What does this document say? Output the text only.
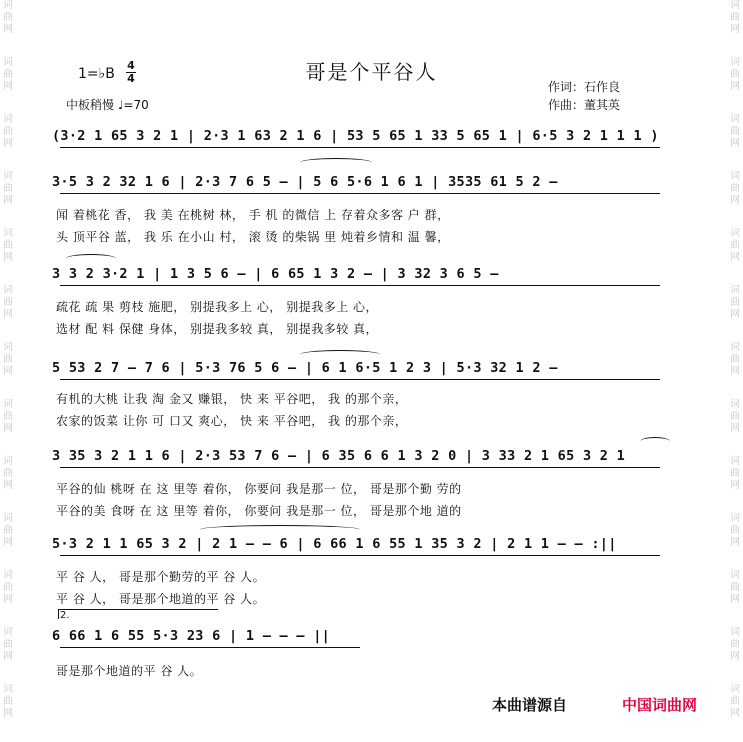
词
曲
网
词
曲
网
词
曲
网
词
曲
网
词
曲
网
词
曲
网
词
曲
网
词
曲
网
词
曲
网
词
曲
网
词
曲
网
词
曲
网
词
曲
网
词
曲
网
词
曲
网
词
曲
网
词
曲
网
词
曲
网
词
曲
网
词
曲
网
词
曲
网
词
曲
网
词
曲
网
词
曲
网
词
曲
网
词
曲
网
哥是个平谷人
1=♭B
4
4
中板稍慢 ♩=70
作词：石作良
作曲：董其英
(3·2 1 65 3 2 1 | 2·3 1 63 2 1 6 | 53 5 65 1 33 5 65 1 | 6·5 3 2 1 1 1 )
3·5 3 2 32 1 6 | 2·3 7 6 5 – | 5 6 5·6 1 6 1 | 3535 61 5 2 –
闻 着桃花 香， 我 美 在桃树 林， 手 机 的微信 上 存着众多客 户 群，
头 顶平谷 蓝， 我 乐 在小山 村， 滚 烫 的柴锅 里 炖着乡情和 温 馨，
3 3 2 3·2 1 | 1 3 5 6 – | 6 65 1 3 2 – | 3 32 3 6 5 –
疏花 疏 果 剪枝 施肥， 别提我多上 心， 别提我多上 心，
选材 配 料 保健 身体， 别提我多较 真， 别提我多较 真，
5 53 2 7 – 7 6 | 5·3 76 5 6 – | 6 1 6·5 1 2 3 | 5·3 32 1 2 –
有机的大桃 让我 淘 金又 赚银， 快 来 平谷吧， 我 的那个亲，
农家的饭菜 让你 可 口又 爽心， 快 来 平谷吧， 我 的那个亲，
3 35 3 2 1 1 6 | 2·3 53 7 6 – | 6 35 6 6 1 3 2 0 | 3 33 2 1 65 3 2 1
平谷的仙 桃呀 在 这 里等 着你， 你要问 我是那一 位， 哥是那个勤 劳的
平谷的美 食呀 在 这 里等 着你， 你要问 我是那一 位， 哥是那个地 道的
5·3 2 1 1 65 3 2 | 2 1 – – 6 | 6 66 1 6 55 1 35 3 2 | 2 1 1 – – :||
平 谷 人， 哥是那个勤劳的平 谷 人。
平 谷 人， 哥是那个地道的平 谷 人。
2.
6 66 1 6 55 5·3 23 6 | 1 – – – ||
哥是那个地道的平 谷 人。
本曲谱源自	中国词曲网
